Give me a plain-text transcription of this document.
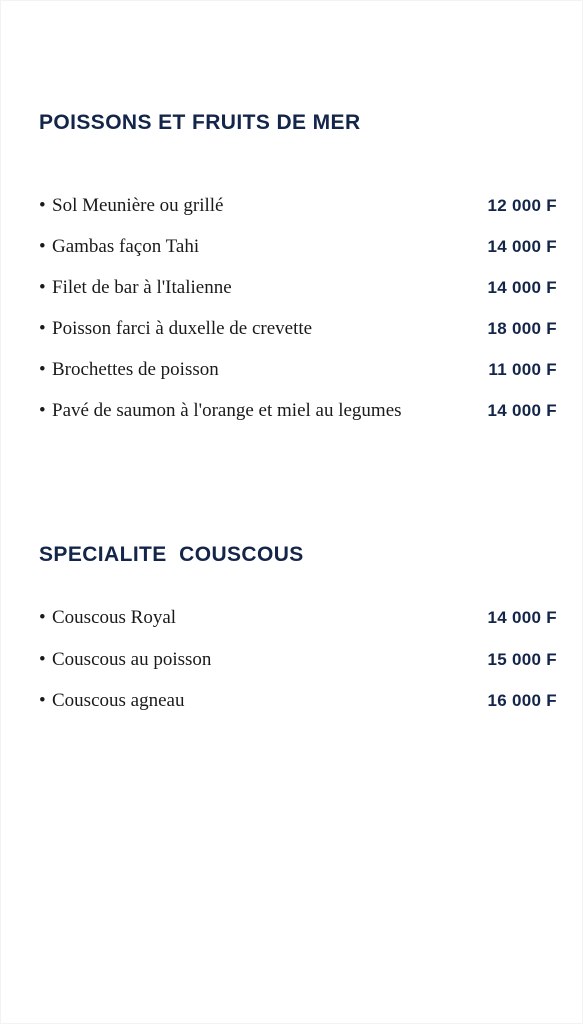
POISSONS ET FRUITS DE MER
• Sol Meunière ou grillé	12 000 F
• Gambas façon Tahi	14 000 F
• Filet de bar à l'Italienne	14 000 F
• Poisson farci à duxelle de crevette	18 000 F
• Brochettes de poisson	11 000 F
• Pavé de saumon à l'orange et miel au legumes	14 000 F
SPECIALITE  COUSCOUS
• Couscous Royal	14 000 F
• Couscous au poisson	15 000 F
• Couscous agneau	16 000 F
